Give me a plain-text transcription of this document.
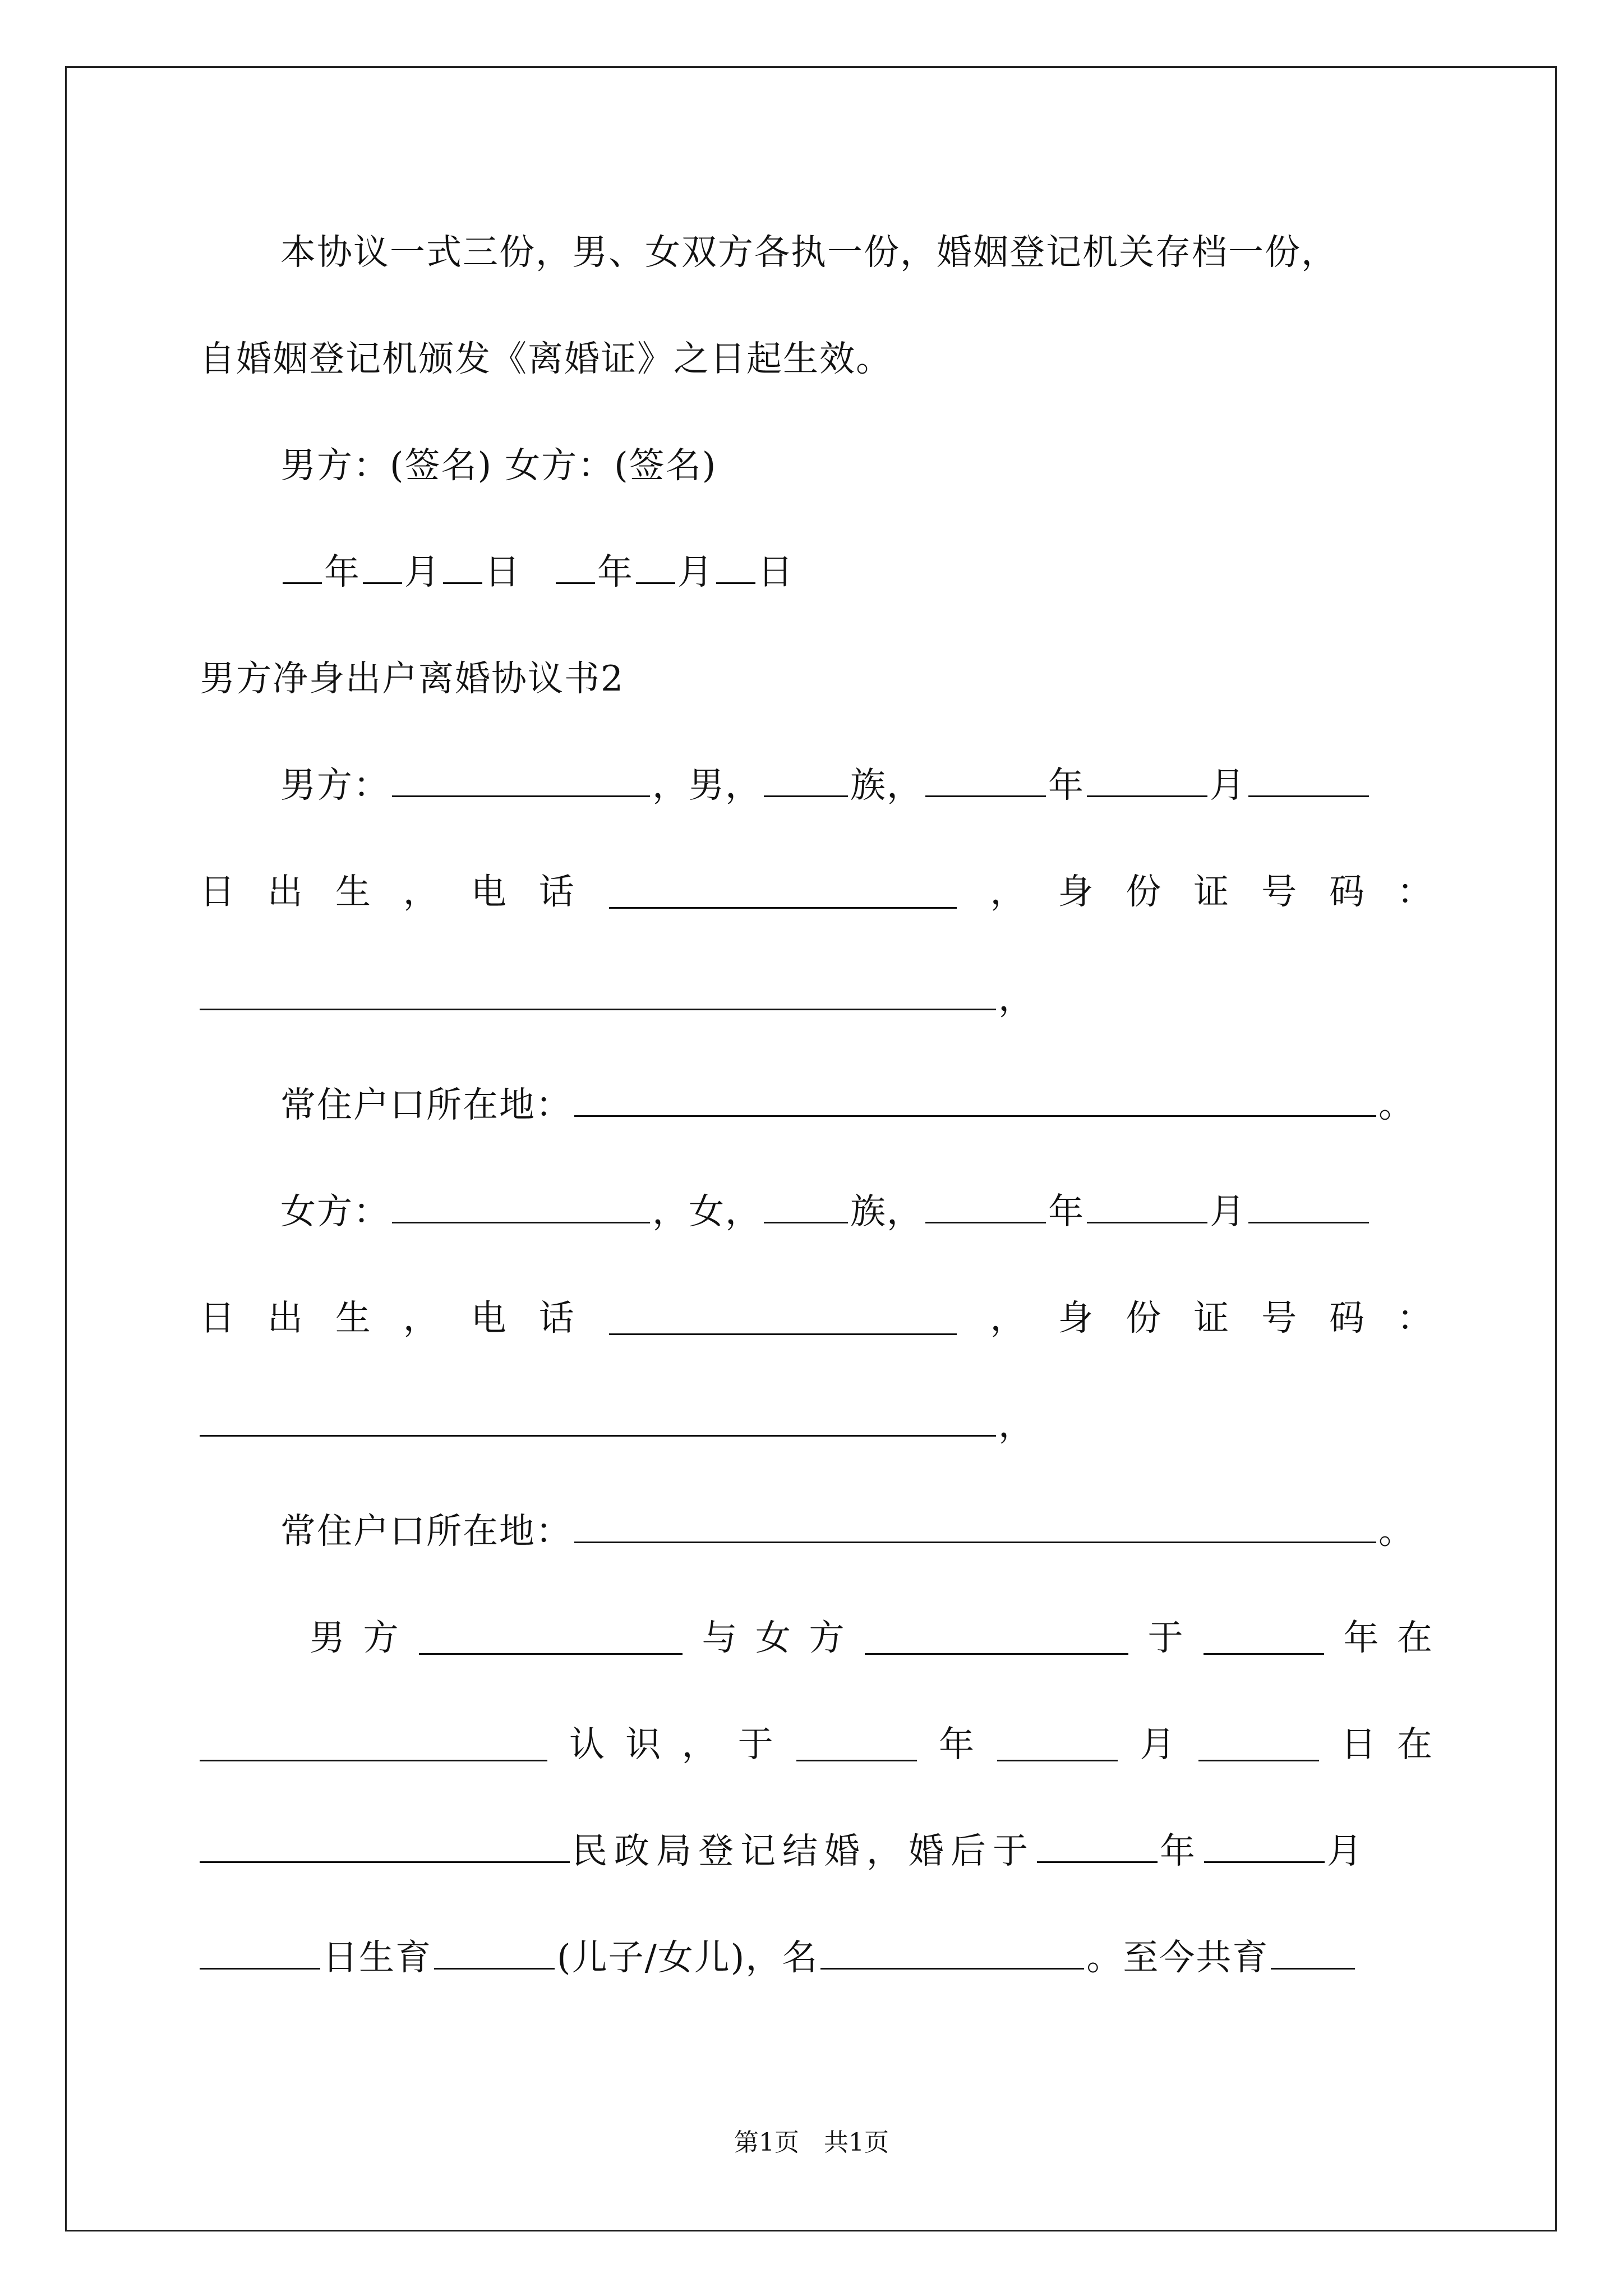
本协议一式三份，男、女双方各执一份，婚姻登记机关存档一份，
自婚姻登记机颁发《离婚证》之日起生效。
男方：(签名) 女方：(签名)
年 月 日 年 月 日
男方净身出户离婚协议书2
男方：	，男，	族，	年	月
日 出 生 ， 电 话	， 身 份 证 号 码 ：
，
常住户口所在地：	。
女方：	，女，	族，	年	月
日 出 生 ， 电 话	， 身 份 证 号 码 ：
，
常住户口所在地：	。
男 方	与 女 方	于	年 在
认 识 ， 于	年	月	日 在
民政局登记结婚，婚后于	年	月
日生育	(儿子/女儿)，名	。至今共育
第1页　共1页
